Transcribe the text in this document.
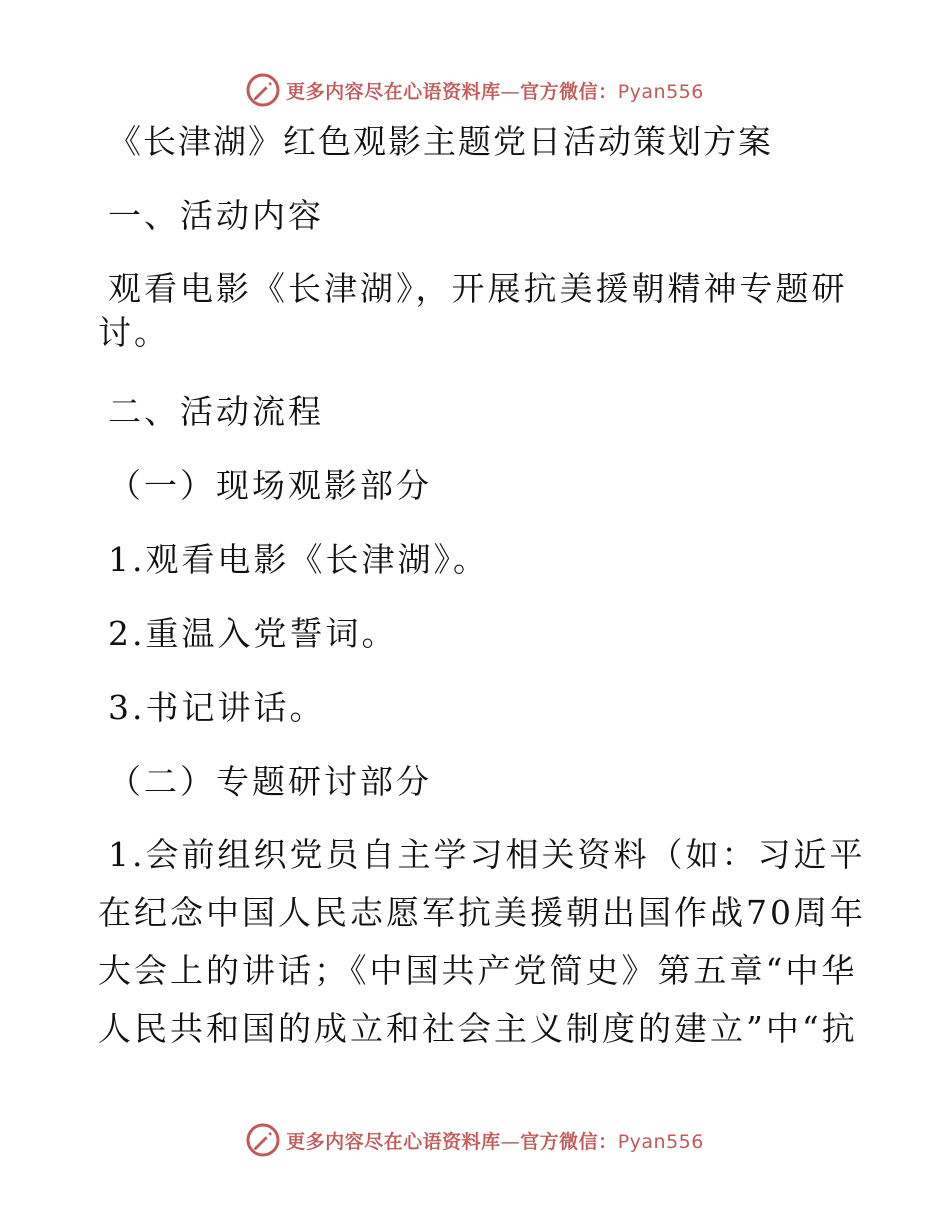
更多内容尽在心语资料库—官方微信：Pyan556

《长津湖》红色观影主题党日活动策划方案

一、活动内容

观看电影《长津湖》，开展抗美援朝精神专题研

讨。

二、活动流程

（一）现场观影部分

1.观看电影《长津湖》。

2.重温入党誓词。

3.书记讲话。

（二）专题研讨部分

1.会前组织党员自主学习相关资料（如：习近平

在纪念中国人民志愿军抗美援朝出国作战70周年

大会上的讲话；《中国共产党简史》第五章“中华

人民共和国的成立和社会主义制度的建立”中“抗

更多内容尽在心语资料库—官方微信：Pyan556
